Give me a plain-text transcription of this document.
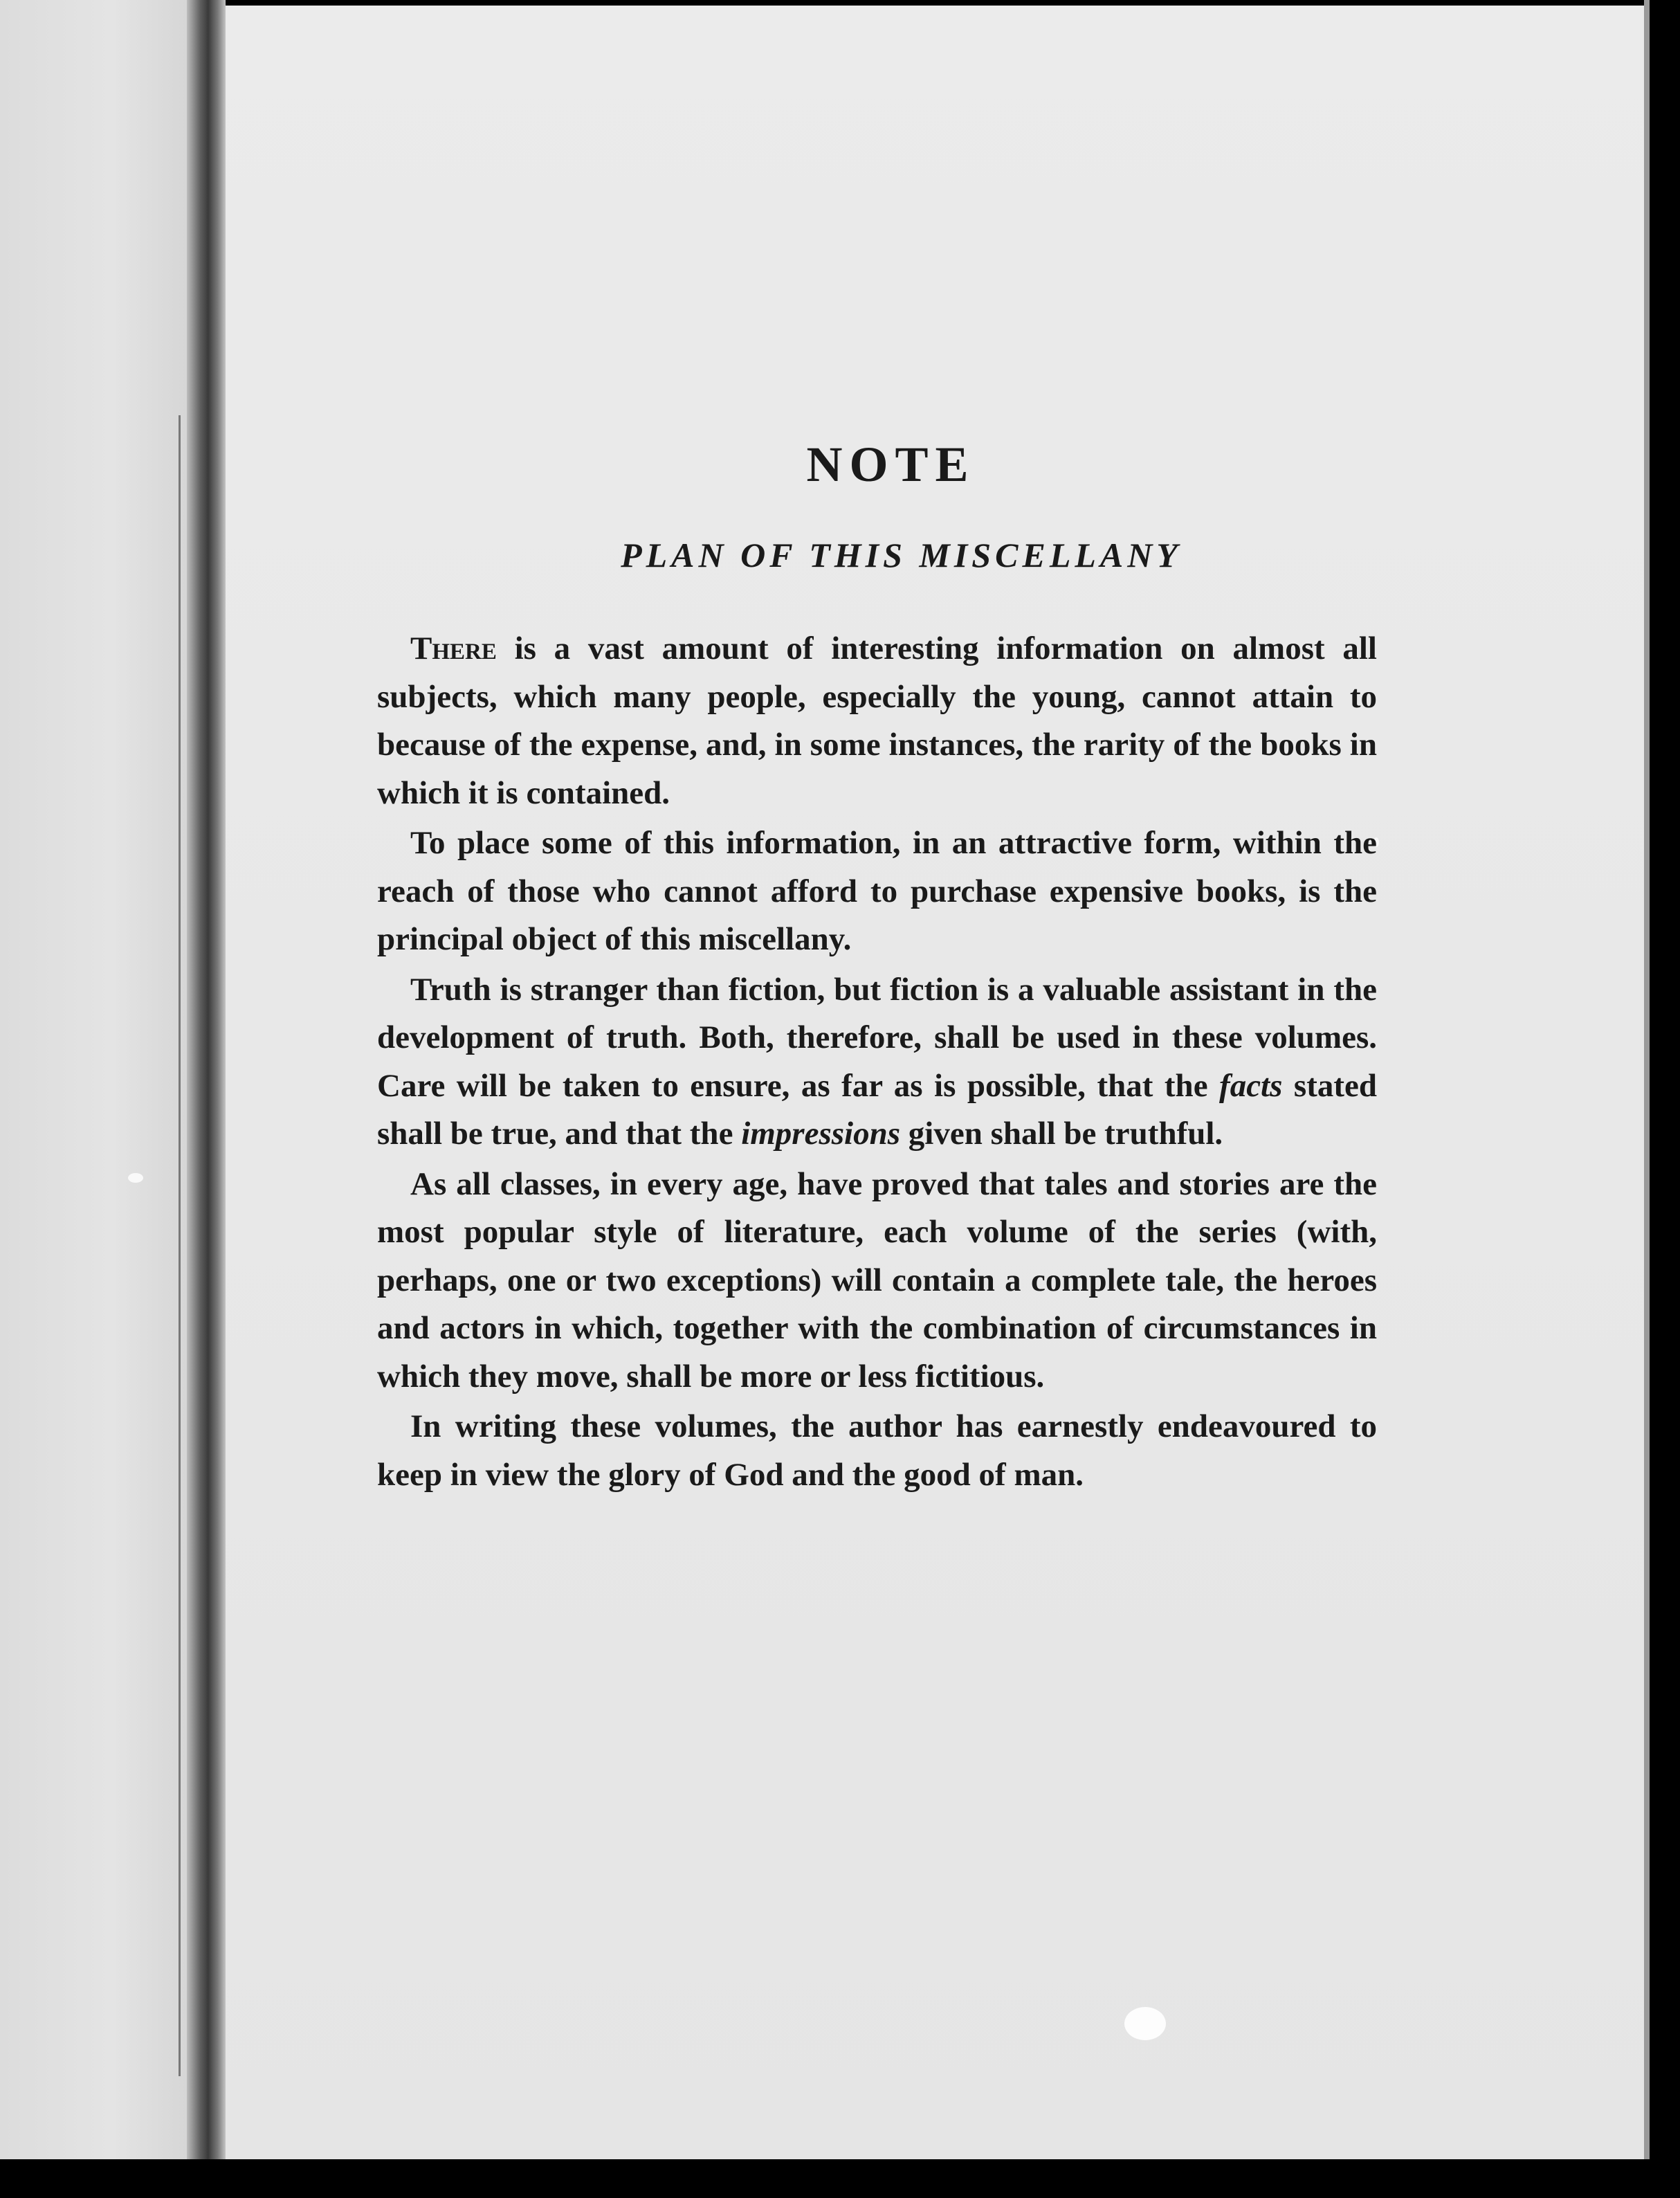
NOTE
PLAN OF THIS MISCELLANY

There is a vast amount of interesting information on almost all subjects, which many people, especially the young, cannot attain to because of the expense, and, in some instances, the rarity of the books in which it is contained.

To place some of this information, in an attractive form, within the reach of those who cannot afford to purchase expensive books, is the principal object of this miscellany.

Truth is stranger than fiction, but fiction is a valuable assistant in the development of truth. Both, therefore, shall be used in these volumes. Care will be taken to ensure, as far as is possible, that the facts stated shall be true, and that the impressions given shall be truthful.

As all classes, in every age, have proved that tales and stories are the most popular style of literature, each volume of the series (with, perhaps, one or two exceptions) will contain a complete tale, the heroes and actors in which, together with the combination of circumstances in which they move, shall be more or less fictitious.

In writing these volumes, the author has earnestly endeavoured to keep in view the glory of God and the good of man.
